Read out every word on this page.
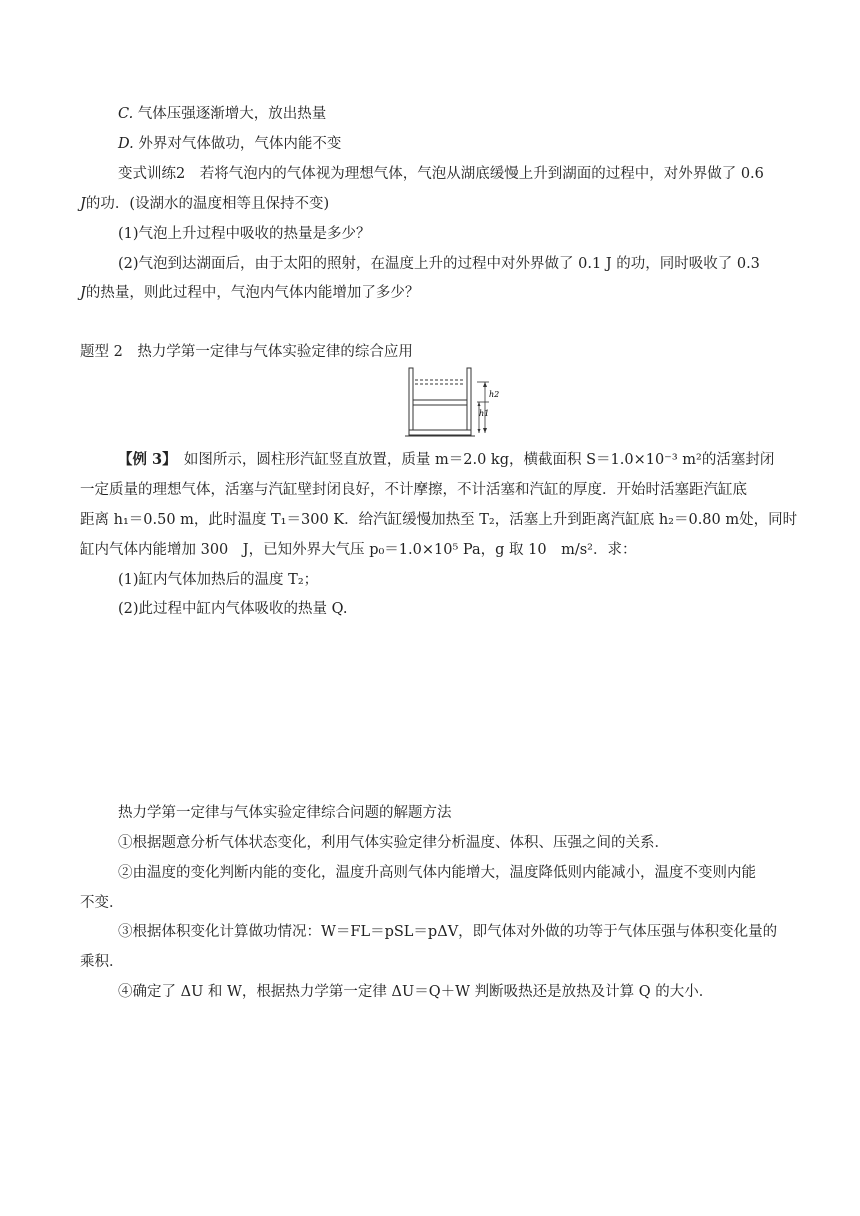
C. 气体压强逐渐增大，放出热量
D. 外界对气体做功，气体内能不变
变式训练2　若将气泡内的气体视为理想气体，气泡从湖底缓慢上升到湖面的过程中，对外界做了 0.6
J的功．(设湖水的温度相等且保持不变)
(1)气泡上升过程中吸收的热量是多少？
(2)气泡到达湖面后，由于太阳的照射，在温度上升的过程中对外界做了 0.1 J 的功，同时吸收了 0.3
J的热量，则此过程中，气泡内气体内能增加了多少？
题型 2　热力学第一定律与气体实验定律的综合应用
h2
h1
【例 3】　如图所示，圆柱形汽缸竖直放置，质量 m＝2.0 kg，横截面积 S＝1.0×10⁻³ m²的活塞封闭
一定质量的理想气体，活塞与汽缸壁封闭良好，不计摩擦，不计活塞和汽缸的厚度．开始时活塞距汽缸底
距离 h₁＝0.50 m，此时温度 T₁＝300 K．给汽缸缓慢加热至 T₂，活塞上升到距离汽缸底 h₂＝0.80 m处，同时
缸内气体内能增加 300　J，已知外界大气压 p₀＝1.0×10⁵ Pa，g 取 10　m/s²．求：
(1)缸内气体加热后的温度 T₂；
(2)此过程中缸内气体吸收的热量 Q.
热力学第一定律与气体实验定律综合问题的解题方法
①根据题意分析气体状态变化，利用气体实验定律分析温度、体积、压强之间的关系．
②由温度的变化判断内能的变化，温度升高则气体内能增大，温度降低则内能减小，温度不变则内能
不变．
③根据体积变化计算做功情况：W＝FL＝pSL＝pΔV，即气体对外做的功等于气体压强与体积变化量的
乘积．
④确定了 ΔU 和 W，根据热力学第一定律 ΔU＝Q＋W 判断吸热还是放热及计算 Q 的大小．
